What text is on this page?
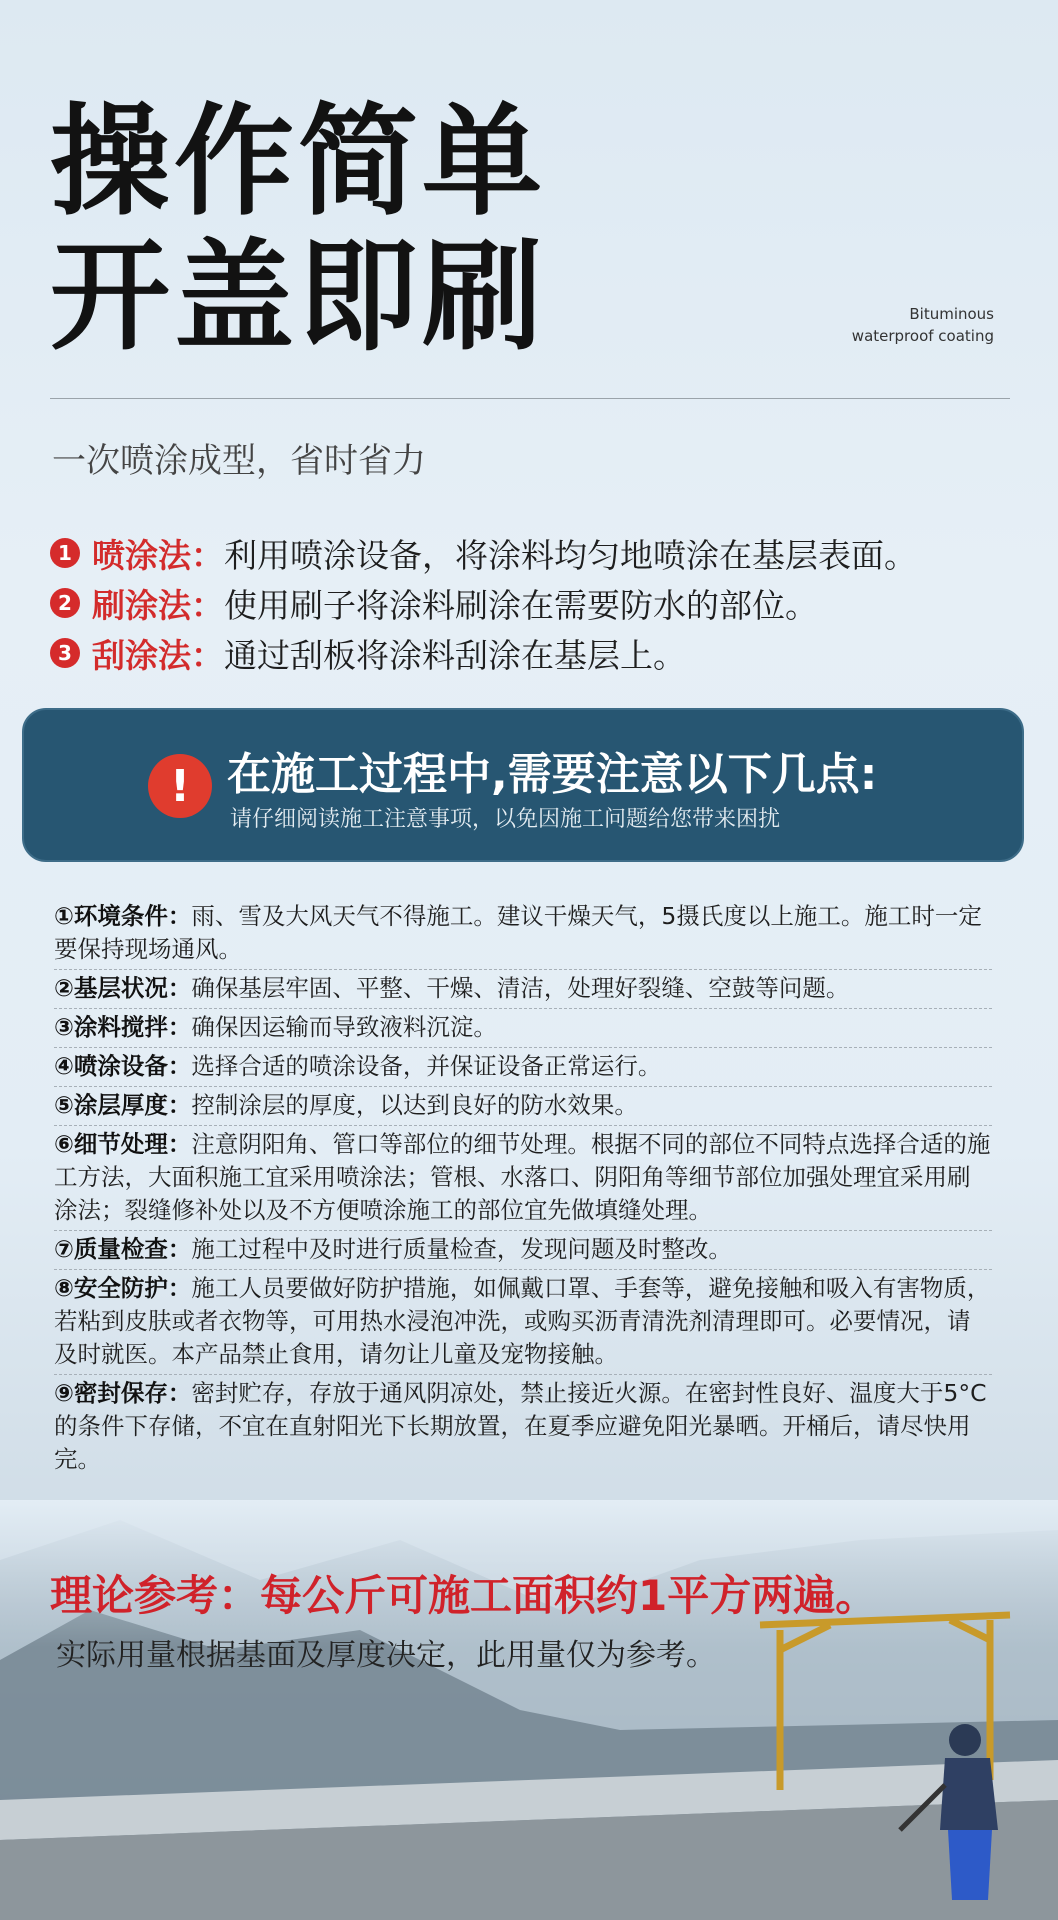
操作简单
开盖即刷	Bituminous
waterproof coating
一次喷涂成型，省时省力
1 喷涂法： 利用喷涂设备，将涂料均匀地喷涂在基层表面。
2 刷涂法： 使用刷子将涂料刷涂在需要防水的部位。
3 刮涂法： 通过刮板将涂料刮涂在基层上。
! 在施工过程中,需要注意以下几点:
请仔细阅读施工注意事项，以免因施工问题给您带来困扰
①环境条件：雨、雪及大风天气不得施工。建议干燥天气，5摄氏度以上施工。施工时一定要保持现场通风。
②基层状况：确保基层牢固、平整、干燥、清洁，处理好裂缝、空鼓等问题。
③涂料搅拌：确保因运输而导致液料沉淀。
④喷涂设备：选择合适的喷涂设备，并保证设备正常运行。
⑤涂层厚度：控制涂层的厚度，以达到良好的防水效果。
⑥细节处理：注意阴阳角、管口等部位的细节处理。根据不同的部位不同特点选择合适的施工方法，大面积施工宜采用喷涂法；管根、水落口、阴阳角等细节部位加强处理宜采用刷涂法；裂缝修补处以及不方便喷涂施工的部位宜先做填缝处理。
⑦质量检查：施工过程中及时进行质量检查，发现问题及时整改。
⑧安全防护：施工人员要做好防护措施，如佩戴口罩、手套等，避免接触和吸入有害物质，若粘到皮肤或者衣物等，可用热水浸泡冲洗，或购买沥青清洗剂清理即可。必要情况，请及时就医。本产品禁止食用，请勿让儿童及宠物接触。
⑨密封保存：密封贮存，存放于通风阴凉处，禁止接近火源。在密封性良好、温度大于5°C的条件下存储，不宜在直射阳光下长期放置，在夏季应避免阳光暴晒。开桶后，请尽快用完。
理论参考：每公斤可施工面积约1平方两遍。
实际用量根据基面及厚度决定，此用量仅为参考。
